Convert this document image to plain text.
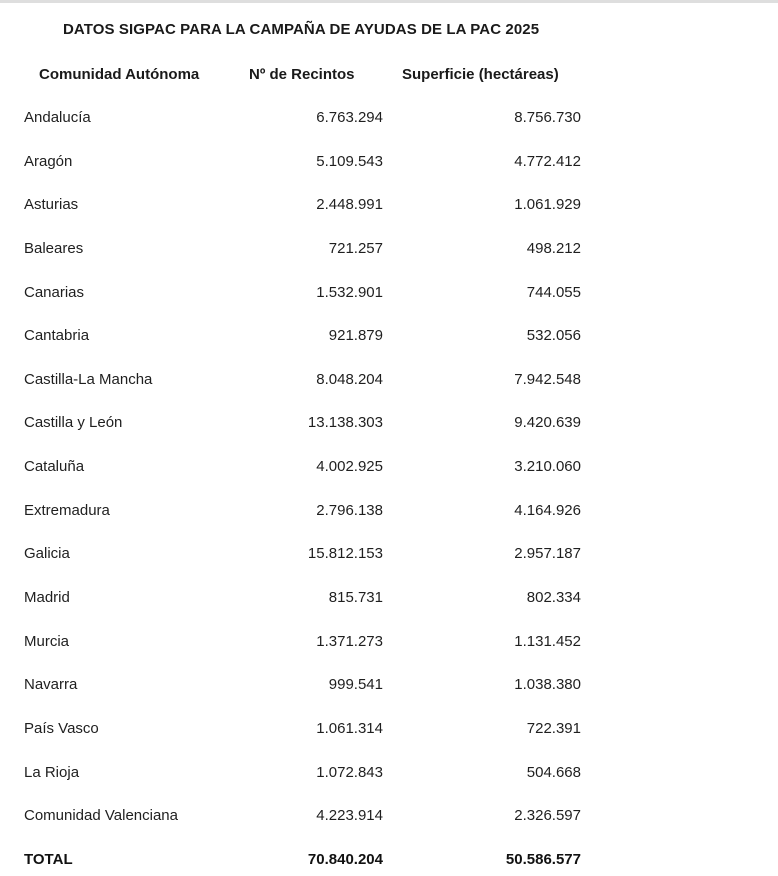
DATOS SIGPAC PARA LA CAMPAÑA DE AYUDAS DE LA PAC 2025
Comunidad Autónoma	Nº de Recintos	Superficie (hectáreas)
Andalucía	6.763.294	8.756.730
Aragón	5.109.543	4.772.412
Asturias	2.448.991	1.061.929
Baleares	721.257	498.212
Canarias	1.532.901	744.055
Cantabria	921.879	532.056
Castilla-La Mancha	8.048.204	7.942.548
Castilla y León	13.138.303	9.420.639
Cataluña	4.002.925	3.210.060
Extremadura	2.796.138	4.164.926
Galicia	15.812.153	2.957.187
Madrid	815.731	802.334
Murcia	1.371.273	1.131.452
Navarra	999.541	1.038.380
País Vasco	1.061.314	722.391
La Rioja	1.072.843	504.668
Comunidad Valenciana	4.223.914	2.326.597
TOTAL	70.840.204	50.586.577
